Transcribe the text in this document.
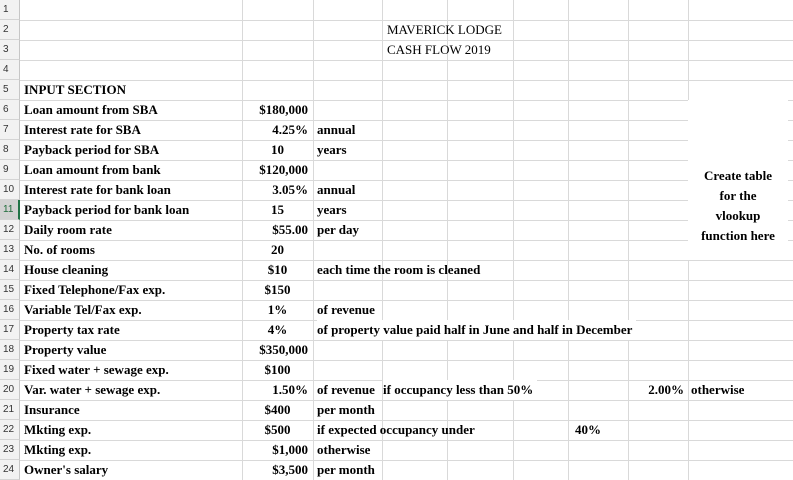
1
2
3
4
5
6
7
8
9
10
11
12
13
14
15
16
17
18
19
20
21
22
23
24
MAVERICK LODGE
CASH FLOW 2019
INPUT SECTION
Loan amount from SBA	$180,000
Interest rate for SBA	4.25% annual
Payback period for SBA	10	years
Loan amount from bank	$120,000
Interest rate for bank loan	3.05% annual
Payback period for bank loan	15	years
Daily room rate	$55.00 per day
No. of rooms	20
House cleaning	$10	each time the room is cleaned
Fixed Telephone/Fax exp.	$150
Variable Tel/Fax exp.	1%	of revenue
Property tax rate	4%	of property value paid half in June and half in December
Property value	$350,000
Fixed water + sewage exp.	$100
Var. water + sewage exp.	1.50% of revenue if occupancy less than 50%	2.00% otherwise
Insurance	$400	per month
Mkting exp.	$500	if expected occupancy under	40%
Mkting exp.	$1,000 otherwise
Owner's salary	$3,500 per month
Create table
for the
vlookup
function here
